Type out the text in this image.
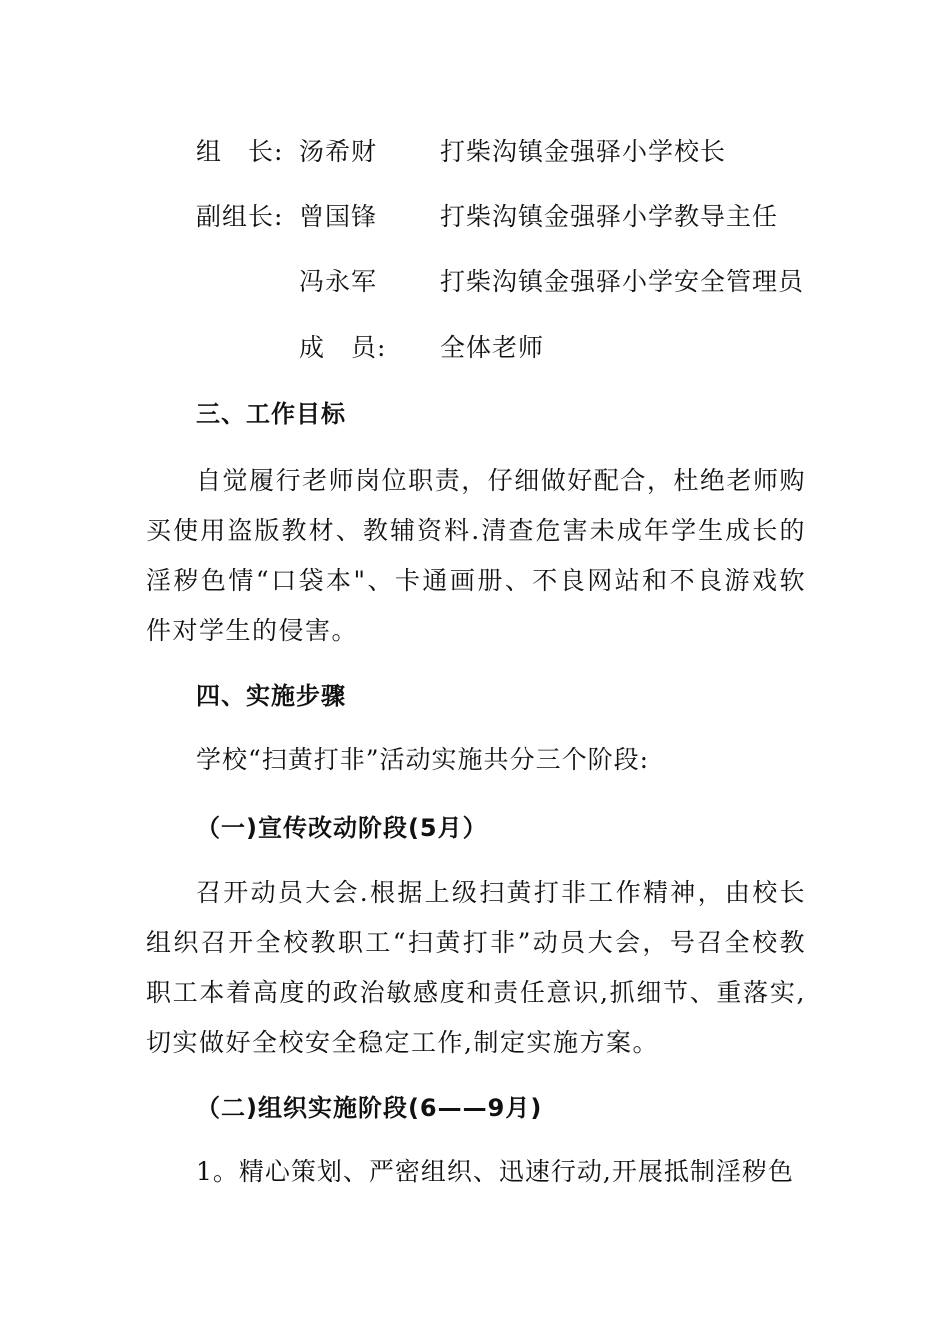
组　长: 汤希财	打柴沟镇金强驿小学校长
副组长: 曾国锋	打柴沟镇金强驿小学教导主任
冯永军	打柴沟镇金强驿小学安全管理员
成　员: 全体老师
三、工作目标
自觉履行老师岗位职责，仔细做好配合，杜绝老师购买使用盗版教材、教辅资料.清查危害未成年学生成长的淫秽色情“口袋本"、卡通画册、不良网站和不良游戏软件对学生的侵害。
四、实施步骤
学校“扫黄打非”活动实施共分三个阶段:
（一)宣传改动阶段(5月）
召开动员大会.根据上级扫黄打非工作精神，由校长组织召开全校教职工“扫黄打非”动员大会，号召全校教职工本着高度的政治敏感度和责任意识,抓细节、重落实,切实做好全校安全稳定工作,制定实施方案。
（二)组织实施阶段(6——9月)
1。精心策划、严密组织、迅速行动,开展抵制淫秽色
